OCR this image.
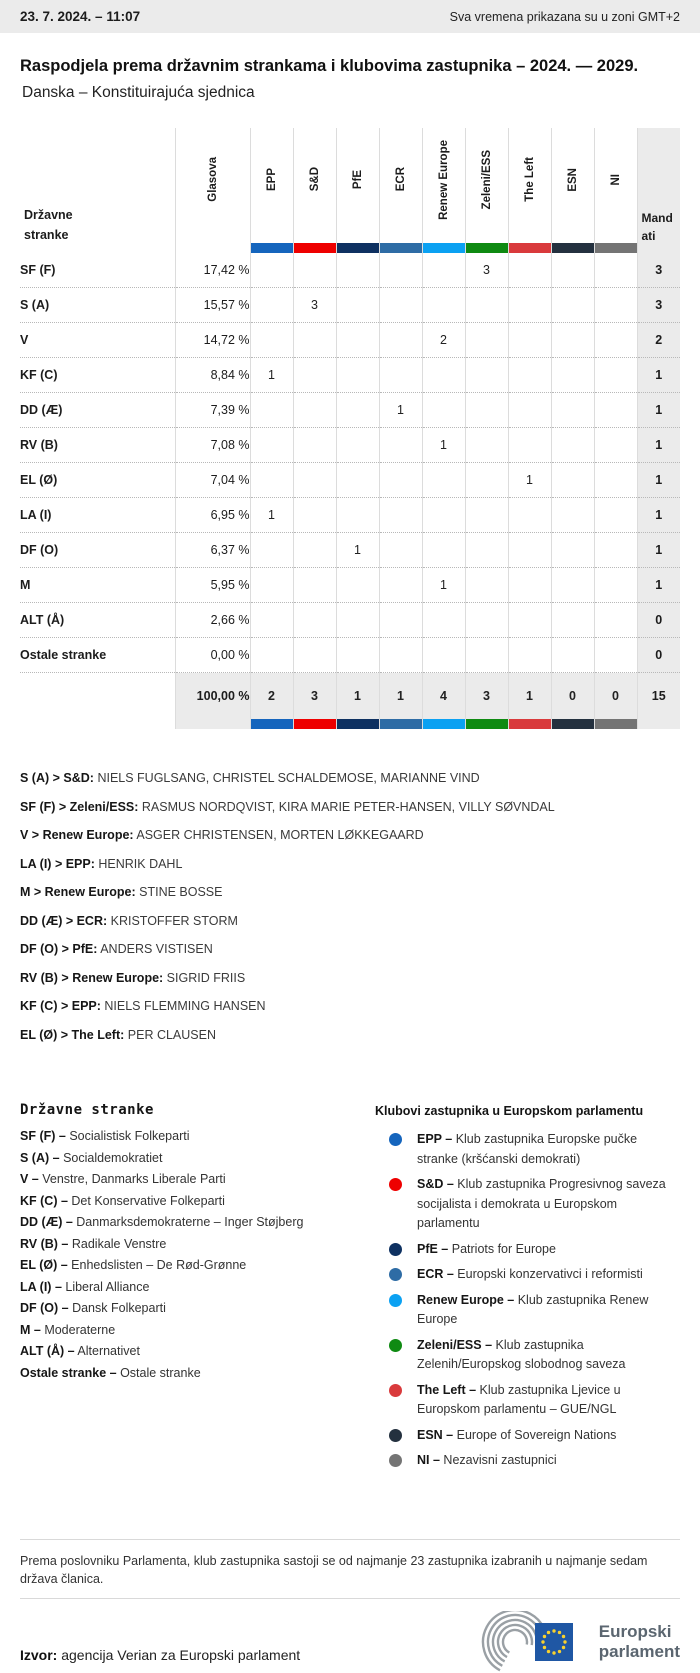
23. 7. 2024. – 11:07	Sva vremena prikazana su u zoni GMT+2
Raspodjela prema državnim strankama i klubovima zastupnika – 2024. — 2029.
Danska – Konstituirajuća sjednica
Državne
stranke	Glasova	EPP	S&D	PfE	ECR	Renew Europe	Zeleni/ESS	The Left	ESN	NI	Mandati

SF (F)	17,42 %						3				3
S (A)	15,57 %		3								3
V	14,72 %					2					2
KF (C)	8,84 %	1									1
DD (Æ)	7,39 %				1						1
RV (B)	7,08 %					1					1
EL (Ø)	7,04 %							1			1
LA (I)	6,95 %	1									1
DF (O)	6,37 %			1							1
M	5,95 %					1					1
ALT (Å)	2,66 %										0
Ostale stranke	0,00 %										0
	100,00 %	2	3	1	1	4	3	1	0	0	15

S (A) > S&D: NIELS FUGLSANG, CHRISTEL SCHALDEMOSE, MARIANNE VIND

SF (F) > Zeleni/ESS: RASMUS NORDQVIST, KIRA MARIE PETER-HANSEN, VILLY SØVNDAL

V > Renew Europe: ASGER CHRISTENSEN, MORTEN LØKKEGAARD

LA (I) > EPP: HENRIK DAHL

M > Renew Europe: STINE BOSSE

DD (Æ) > ECR: KRISTOFFER STORM

DF (O) > PfE: ANDERS VISTISEN

RV (B) > Renew Europe: SIGRID FRIIS

KF (C) > EPP: NIELS FLEMMING HANSEN

EL (Ø) > The Left: PER CLAUSEN

Državne stranke

SF (F) – Socialistisk Folkeparti

S (A) – Socialdemokratiet

V – Venstre, Danmarks Liberale Parti

KF (C) – Det Konservative Folkeparti

DD (Æ) – Danmarksdemokraterne – Inger Støjberg

RV (B) – Radikale Venstre

EL (Ø) – Enhedslisten – De Rød-Grønne

LA (I) – Liberal Alliance

DF (O) – Dansk Folkeparti

M – Moderaterne

ALT (Å) – Alternativet

Ostale stranke – Ostale stranke

Klubovi zastupnika u Europskom parlamentu
EPP – Klub zastupnika Europske pučke stranke (kršćanski demokrati)
S&D – Klub zastupnika Progresivnog saveza socijalista i demokrata u Europskom parlamentu
PfE – Patriots for Europe
ECR – Europski konzervativci i reformisti
Renew Europe – Klub zastupnika Renew Europe
Zeleni/ESS – Klub zastupnika Zelenih/Europskog slobodnog saveza
The Left – Klub zastupnika Ljevice u Europskom parlamentu – GUE/NGL
ESN – Europe of Sovereign Nations
NI – Nezavisni zastupnici

Prema poslovniku Parlamenta, klub zastupnika sastoji se od najmanje 23 zastupnika izabranih u najmanje sedam država članica.

Izvor: agencija Verian za Europski parlament

Europski
parlament
